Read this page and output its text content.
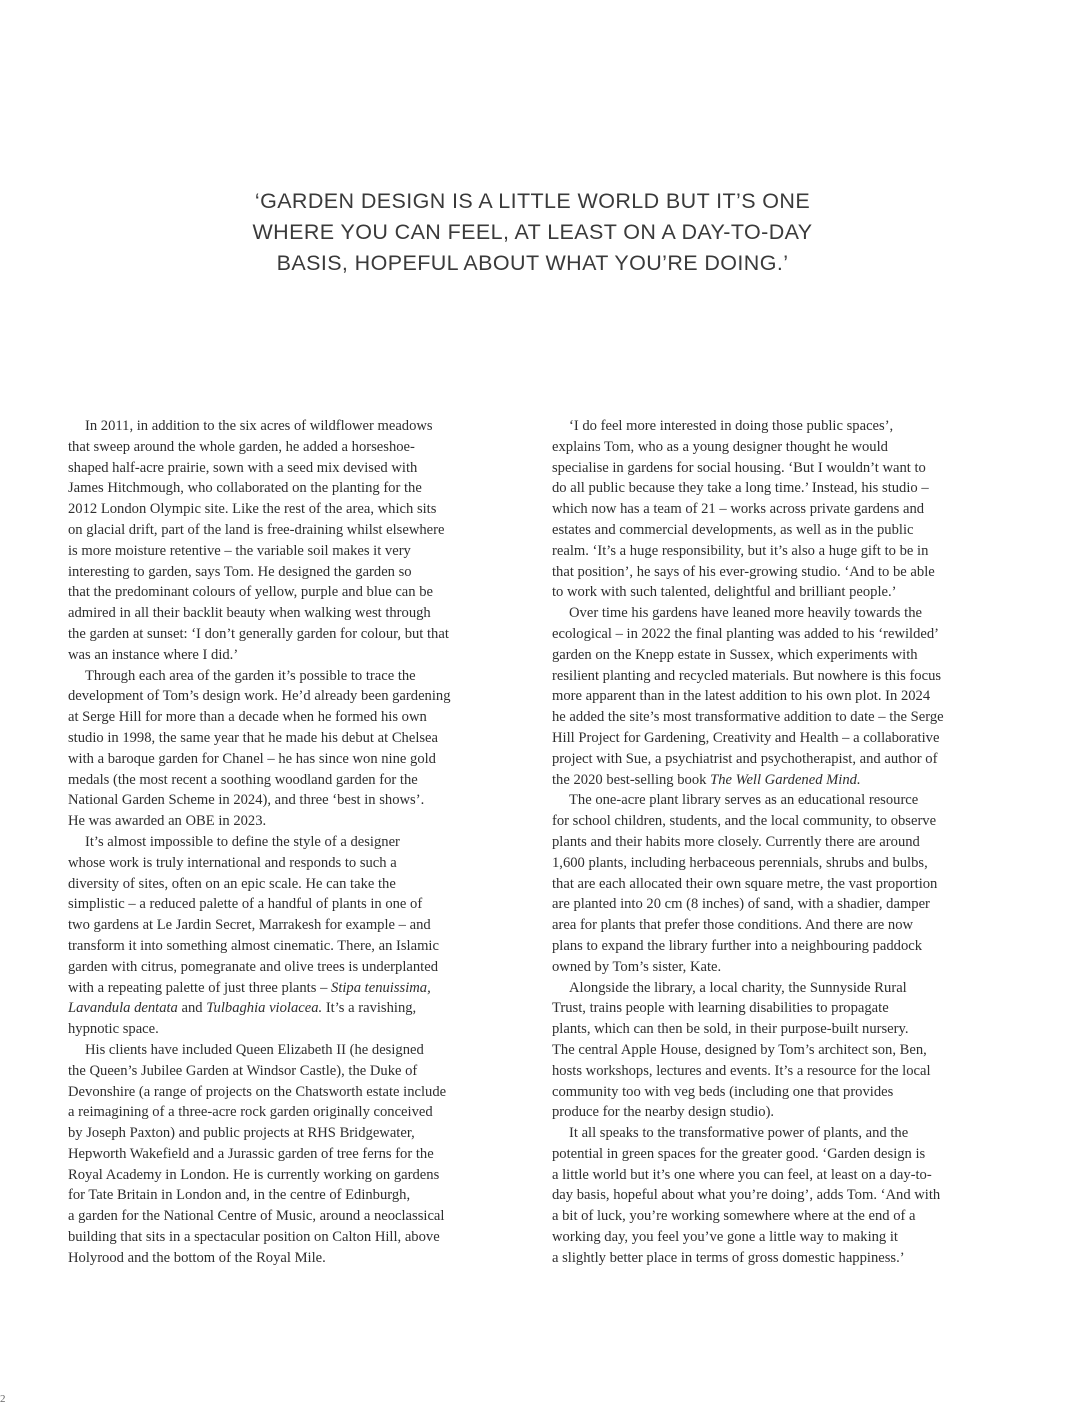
‘GARDEN DESIGN IS A LITTLE WORLD BUT IT’S ONE
WHERE YOU CAN FEEL, AT LEAST ON A DAY-TO-DAY
BASIS, HOPEFUL ABOUT WHAT YOU’RE DOING.’

In 2011, in addition to the six acres of wildflower meadows
that sweep around the whole garden, he added a horseshoe-
shaped half-acre prairie, sown with a seed mix devised with
James Hitchmough, who collaborated on the planting for the
2012 London Olympic site. Like the rest of the area, which sits
on glacial drift, part of the land is free-draining whilst elsewhere
is more moisture retentive – the variable soil makes it very
interesting to garden, says Tom. He designed the garden so
that the predominant colours of yellow, purple and blue can be
admired in all their backlit beauty when walking west through
the garden at sunset: ‘I don’t generally garden for colour, but that
was an instance where I did.’

Through each area of the garden it’s possible to trace the
development of Tom’s design work. He’d already been gardening
at Serge Hill for more than a decade when he formed his own
studio in 1998, the same year that he made his debut at Chelsea
with a baroque garden for Chanel – he has since won nine gold
medals (the most recent a soothing woodland garden for the
National Garden Scheme in 2024), and three ‘best in shows’.
He was awarded an OBE in 2023.

It’s almost impossible to define the style of a designer
whose work is truly international and responds to such a
diversity of sites, often on an epic scale. He can take the
simplistic – a reduced palette of a handful of plants in one of
two gardens at Le Jardin Secret, Marrakesh for example – and
transform it into something almost cinematic. There, an Islamic
garden with citrus, pomegranate and olive trees is underplanted
with a repeating palette of just three plants – Stipa tenuissima,
Lavandula dentata and Tulbaghia violacea. It’s a ravishing,
hypnotic space.

His clients have included Queen Elizabeth II (he designed
the Queen’s Jubilee Garden at Windsor Castle), the Duke of
Devonshire (a range of projects on the Chatsworth estate include
a reimagining of a three-acre rock garden originally conceived
by Joseph Paxton) and public projects at RHS Bridgewater,
Hepworth Wakefield and a Jurassic garden of tree ferns for the
Royal Academy in London. He is currently working on gardens
for Tate Britain in London and, in the centre of Edinburgh,
a garden for the National Centre of Music, around a neoclassical
building that sits in a spectacular position on Calton Hill, above
Holyrood and the bottom of the Royal Mile.

‘I do feel more interested in doing those public spaces’,
explains Tom, who as a young designer thought he would
specialise in gardens for social housing. ‘But I wouldn’t want to
do all public because they take a long time.’ Instead, his studio –
which now has a team of 21 – works across private gardens and
estates and commercial developments, as well as in the public
realm. ‘It’s a huge responsibility, but it’s also a huge gift to be in
that position’, he says of his ever-growing studio. ‘And to be able
to work with such talented, delightful and brilliant people.’

Over time his gardens have leaned more heavily towards the
ecological – in 2022 the final planting was added to his ‘rewilded’
garden on the Knepp estate in Sussex, which experiments with
resilient planting and recycled materials. But nowhere is this focus
more apparent than in the latest addition to his own plot. In 2024
he added the site’s most transformative addition to date – the Serge
Hill Project for Gardening, Creativity and Health – a collaborative
project with Sue, a psychiatrist and psychotherapist, and author of
the 2020 best-selling book The Well Gardened Mind.

The one-acre plant library serves as an educational resource
for school children, students, and the local community, to observe
plants and their habits more closely. Currently there are around
1,600 plants, including herbaceous perennials, shrubs and bulbs,
that are each allocated their own square metre, the vast proportion
are planted into 20 cm (8 inches) of sand, with a shadier, damper
area for plants that prefer those conditions. And there are now
plans to expand the library further into a neighbouring paddock
owned by Tom’s sister, Kate.

Alongside the library, a local charity, the Sunnyside Rural
Trust, trains people with learning disabilities to propagate
plants, which can then be sold, in their purpose-built nursery.
The central Apple House, designed by Tom’s architect son, Ben,
hosts workshops, lectures and events. It’s a resource for the local
community too with veg beds (including one that provides
produce for the nearby design studio).

It all speaks to the transformative power of plants, and the
potential in green spaces for the greater good. ‘Garden design is
a little world but it’s one where you can feel, at least on a day-to-
day basis, hopeful about what you’re doing’, adds Tom. ‘And with
a bit of luck, you’re working somewhere where at the end of a
working day, you feel you’ve gone a little way to making it
a slightly better place in terms of gross domestic happiness.’

2
